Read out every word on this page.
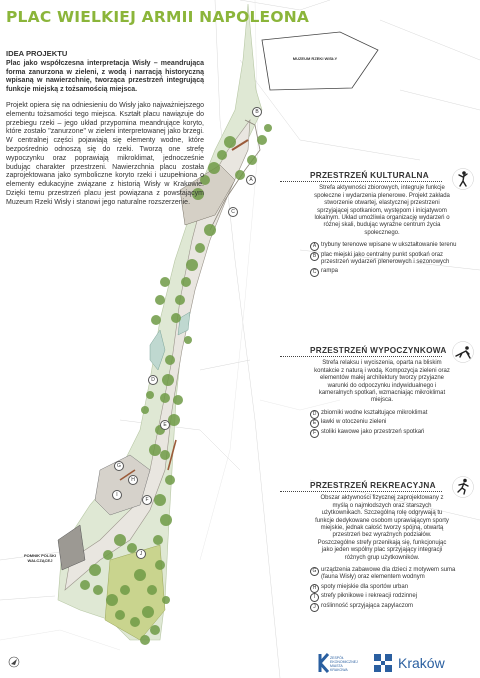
MUZEUM RZEKI WISŁY
POMNIK POLSKI WALCZĄCEJ
B
A
C
D
E
G
H
I
J
F
PLAC WIELKIEJ ARMII NAPOLEONA
IDEA PROJEKTU

Plac jako współczesna interpretacja Wisły – meandrująca forma zanurzona w zieleni, z wodą i narracją historyczną wpisaną w nawierzchnię, tworząca przestrzeń integrującą funkcje miejską z tożsamością miejsca.

Projekt opiera się na odniesieniu do Wisły jako najważniejszego elementu tożsamości tego miejsca. Kształt placu nawiązuje do przebiegu rzeki – jego układ przypomina meandrujące koryto, które zostało "zanurzone" w zieleni interpretowanej jako brzegi. W centralnej części pojawiają się elementy wodne, które bezpośrednio odnoszą się do rzeki. Tworzą one strefę wypoczynku oraz poprawiają mikroklimat, jednocześnie budując charakter przestrzeni. Nawierzchnia placu została zaprojektowana jako symboliczne koryto rzeki i uzupełniona o elementy edukacyjne związane z historią Wisły w Krakowie. Dzięki temu przestrzeń placu jest powiązana z powstającym Muzeum Rzeki Wisły i stanowi jego naturalne rozszerzenie.

PRZESTRZEŃ KULTURALNA
Strefa aktywności zbiorowych, integruje funkcje społeczne i wydarzenia plenerowe. Projekt zakłada stworzenie otwartej, elastycznej przestrzeni sprzyjającej spotkaniom, występom i inicjatywom lokalnym. Układ umożliwia organizację wydarzeń o różnej skali, budując wyraźne centrum życia społecznego.
A trybuny terenowe wpisane w ukształtowanie terenu
B plac miejski jako centralny punkt spotkań oraz przestrzeń wydarzeń plenerowych i sezonowych
C rampa
PRZESTRZEŃ WYPOCZYNKOWA
Strefa relaksu i wyciszenia, oparta na bliskim kontakcie z naturą i wodą. Kompozycja zieleni oraz elementów małej architektury tworzy przyjazne warunki do odpoczynku indywidualnego i kameralnych spotkań, wzmacniając mikroklimat miejsca.
D zbiorniki wodne kształtujące mikroklimat
E ławki w otoczeniu zieleni
F stoliki kawowe jako przestrzeń spotkań
PRZESTRZEŃ REKREACYJNA
Obszar aktywności fizycznej zaprojektowany z myślą o najmłodszych oraz starszych użytkownikach. Szczególną rolę odgrywają tu funkcje dedykowane osobom uprawiającym sporty miejskie, jednak całość tworzy spójną, otwartą przestrzeń bez wyraźnych podziałów. Poszczególne strefy przenikają się, funkcjonując jako jeden wspólny plac sprzyjający integracji różnych grup użytkowników.
G urządzenia zabawowe dla dzieci z motywem suma (fauna Wisły) oraz elementem wodnym
H spoty miejskie dla sportów urban
I strefy piknikowe i rekreacji rodzinnej
J roślinność sprzyjająca zapylaczom
ZESPÓŁ EKONOMICZNEJ MIASTA KRAKOWA	Kraków
